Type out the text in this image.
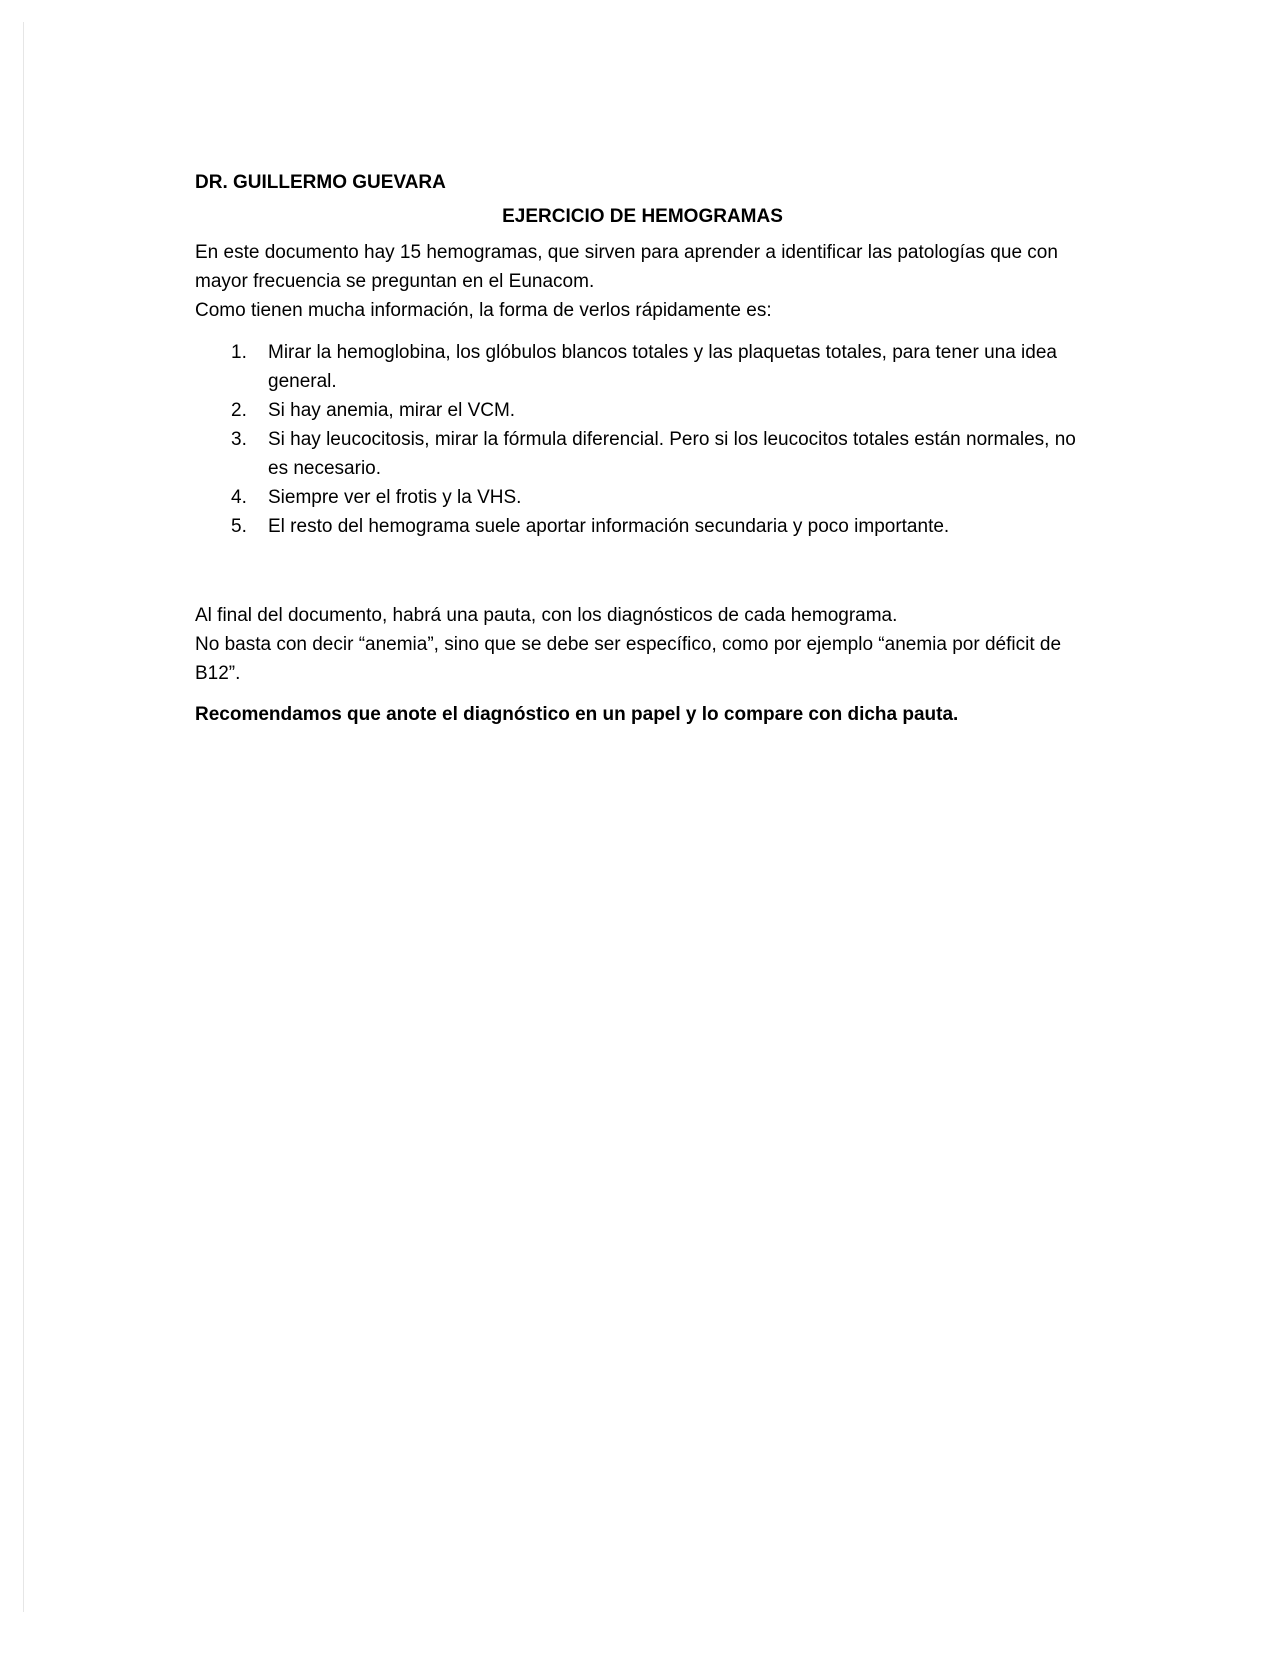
DR. GUILLERMO GUEVARA

EJERCICIO DE HEMOGRAMAS

En este documento hay 15 hemogramas, que sirven para aprender a identificar las patologías que con mayor frecuencia se preguntan en el Eunacom.

Como tienen mucha información, la forma de verlos rápidamente es:

1.	Mirar la hemoglobina, los glóbulos blancos totales y las plaquetas totales, para tener una idea general.
2.	Si hay anemia, mirar el VCM.
3.	Si hay leucocitosis, mirar la fórmula diferencial. Pero si los leucocitos totales están normales, no es necesario.
4.	Siempre ver el frotis y la VHS.
5.	El resto del hemograma suele aportar información secundaria y poco importante.

Al final del documento, habrá una pauta, con los diagnósticos de cada hemograma.

No basta con decir “anemia”, sino que se debe ser específico, como por ejemplo “anemia por déficit de B12”.

Recomendamos que anote el diagnóstico en un papel y lo compare con dicha pauta.
